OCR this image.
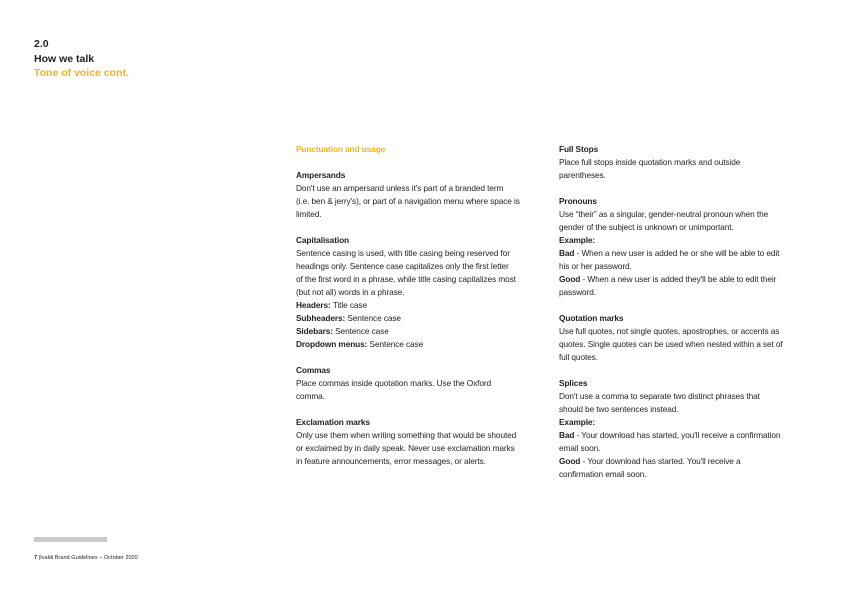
2.0
How we talk
Tone of voice cont.

Punctuation and usage

Ampersands

Don't use an ampersand unless it's part of a branded term

(i.e. ben & jerry's), or part of a navigation menu where space is

limited.

Capitalisation

Sentence casing is used, with title casing being reserved for

headings only. Sentence case capitalizes only the first letter

of the first word in a phrase, while title casing capitalizes most

(but not all) words in a phrase.

Headers: Title case

Subheaders: Sentence case

Sidebars: Sentence case

Dropdown menus: Sentence case

Commas

Place commas inside quotation marks. Use the Oxford

comma.

Exclamation marks

Only use them when writing something that would be shouted

or exclaimed by in daily speak. Never use exclamation marks

in feature announcements, error messages, or alerts.

Full Stops

Place full stops inside quotation marks and outside

parentheses.

Pronouns

Use “their” as a singular, gender-neutral pronoun when the

gender of the subject is unknown or unimportant.

Example:

Bad - When a new user is added he or she will be able to edit

his or her password.

Good - When a new user is added they'll be able to edit their

password.

Quotation marks

Use full quotes, not single quotes, apostrophes, or accents as

quotes. Single quotes can be used when nested within a set of

full quotes.

Splices

Don't use a comma to separate two distinct phrases that

should be two sentences instead.

Example:

Bad - Your download has started, you'll receive a confirmation

email soon.

Good - Your download has started. You'll receive a

confirmation email soon.

7 |Ivaldi Brand Guidelines – October 2020
